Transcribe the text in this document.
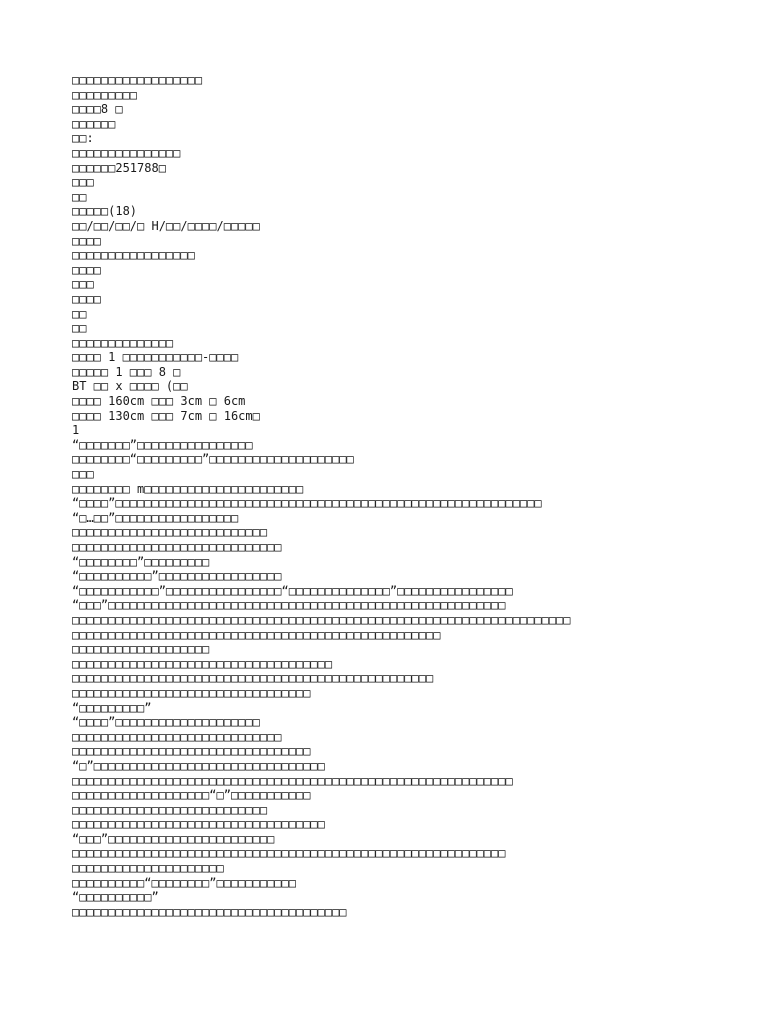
□□□□□□□□□□□□□□□□□□
□□□□□□□□□
□□□□8 □
□□□□□□
□□:
□□□□□□□□□□□□□□□
□□□□□□251788□
□□□
□□
□□□□□(18)
□□/□□/□□/□ H/□□/□□□□/□□□□□
□□□□
□□□□□□□□□□□□□□□□□
□□□□
□□□
□□□□
□□
□□
□□□□□□□□□□□□□□
□□□□ 1 □□□□□□□□□□□-□□□□
□□□□□ 1 □□□ 8 □
BT □□ x □□□□ (□□
□□□□ 160cm □□□ 3cm □ 6cm
□□□□ 130cm □□□ 7cm □ 16cm□
1
“□□□□□□□”□□□□□□□□□□□□□□□□
□□□□□□□□“□□□□□□□□□”□□□□□□□□□□□□□□□□□□□□
□□□
□□□□□□□□ m□□□□□□□□□□□□□□□□□□□□□□
“□□□□”□□□□□□□□□□□□□□□□□□□□□□□□□□□□□□□□□□□□□□□□□□□□□□□□□□□□□□□□□□□
“□…□□”□□□□□□□□□□□□□□□□□
□□□□□□□□□□□□□□□□□□□□□□□□□□□
□□□□□□□□□□□□□□□□□□□□□□□□□□□□□
“□□□□□□□□”□□□□□□□□□
“□□□□□□□□□□”□□□□□□□□□□□□□□□□□
“□□□□□□□□□□□”□□□□□□□□□□□□□□□□“□□□□□□□□□□□□□□”□□□□□□□□□□□□□□□□
“□□□”□□□□□□□□□□□□□□□□□□□□□□□□□□□□□□□□□□□□□□□□□□□□□□□□□□□□□□□
□□□□□□□□□□□□□□□□□□□□□□□□□□□□□□□□□□□□□□□□□□□□□□□□□□□□□□□□□□□□□□□□□□□□□
□□□□□□□□□□□□□□□□□□□□□□□□□□□□□□□□□□□□□□□□□□□□□□□□□□□
□□□□□□□□□□□□□□□□□□□
□□□□□□□□□□□□□□□□□□□□□□□□□□□□□□□□□□□□
□□□□□□□□□□□□□□□□□□□□□□□□□□□□□□□□□□□□□□□□□□□□□□□□□□
□□□□□□□□□□□□□□□□□□□□□□□□□□□□□□□□□
“□□□□□□□□□”
“□□□□”□□□□□□□□□□□□□□□□□□□□
□□□□□□□□□□□□□□□□□□□□□□□□□□□□□
□□□□□□□□□□□□□□□□□□□□□□□□□□□□□□□□□
“□”□□□□□□□□□□□□□□□□□□□□□□□□□□□□□□□□
□□□□□□□□□□□□□□□□□□□□□□□□□□□□□□□□□□□□□□□□□□□□□□□□□□□□□□□□□□□□□
□□□□□□□□□□□□□□□□□□□“□”□□□□□□□□□□□
□□□□□□□□□□□□□□□□□□□□□□□□□□□
□□□□□□□□□□□□□□□□□□□□□□□□□□□□□□□□□□□
“□□□”□□□□□□□□□□□□□□□□□□□□□□□
□□□□□□□□□□□□□□□□□□□□□□□□□□□□□□□□□□□□□□□□□□□□□□□□□□□□□□□□□□□□
□□□□□□□□□□□□□□□□□□□□□
□□□□□□□□□□“□□□□□□□□”□□□□□□□□□□□
“□□□□□□□□□□”
□□□□□□□□□□□□□□□□□□□□□□□□□□□□□□□□□□□□□□
